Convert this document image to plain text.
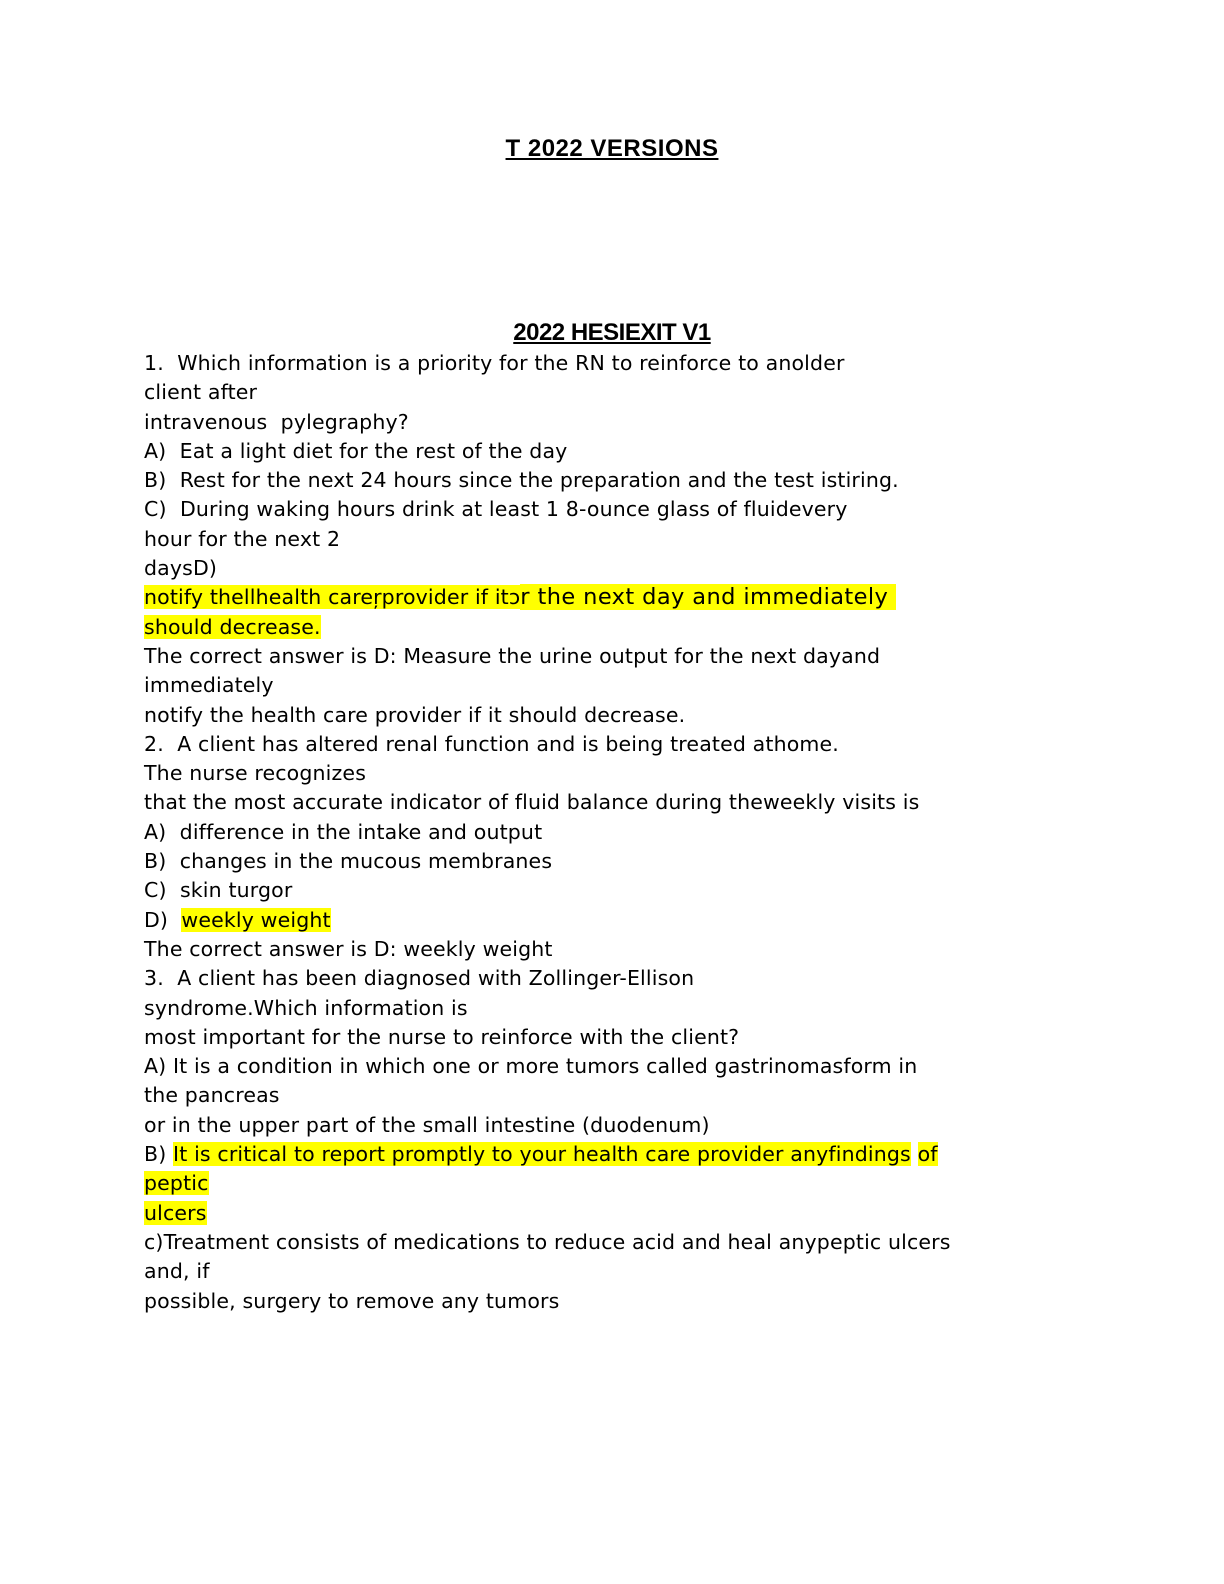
T 2022 VERSIONS
2022 HESIEXIT V1
1.  Which information is a priority for the RN to reinforce to anolder
client after
intravenous  pylegraphy?
A)  Eat a light diet for the rest of the day
B)  Rest for the next 24 hours since the preparation and the test istiring.
C)  During waking hours drink at least 1 8-ounce glass of fluidevery
hour for the next 2
daysD)
notify thellhealth careŗprovider if itɔr the next day and immediately
should decrease.
The correct answer is D: Measure the urine output for the next dayand
immediately
notify the health care provider if it should decrease.
2.  A client has altered renal function and is being treated athome.
The nurse recognizes
that the most accurate indicator of fluid balance during theweekly visits is
A)  difference in the intake and output
B)  changes in the mucous membranes
C)  skin turgor
D)  weekly weight
The correct answer is D: weekly weight
3.  A client has been diagnosed with Zollinger-Ellison
syndrome.Which information is
most important for the nurse to reinforce with the client?
A) It is a condition in which one or more tumors called gastrinomasform in
the pancreas
or in the upper part of the small intestine (duodenum)
B) It is critical to report promptly to your health care provider anyfindings of
peptic
ulcers
c)Treatment consists of medications to reduce acid and heal anypeptic ulcers
and, if
possible, surgery to remove any tumors
